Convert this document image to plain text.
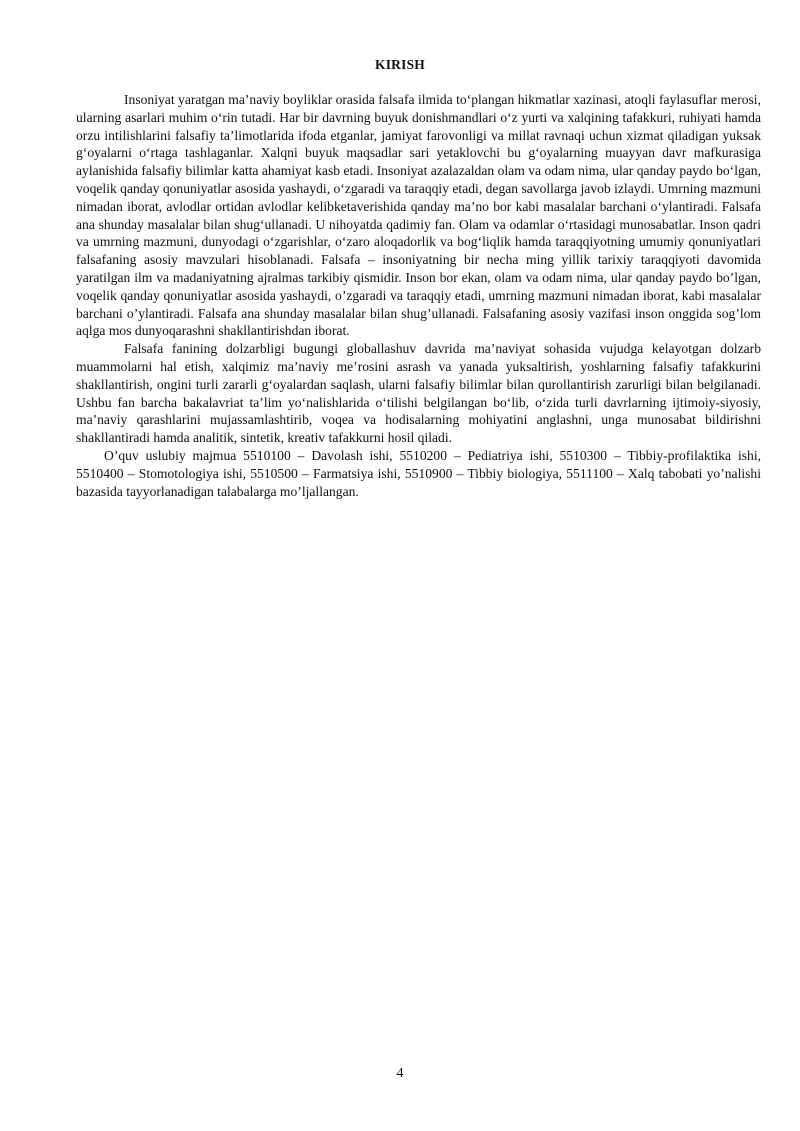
KIRISH

Insoniyat yaratgan ma’naviy boyliklar orasida falsafa ilmida to‘plangan hikmatlar xazinasi, atoqli faylasuflar merosi, ularning asarlari muhim o‘rin tutadi. Har bir davrning buyuk donishmandlari o‘z yurti va xalqining tafakkuri, ruhiyati hamda orzu intilishlarini falsafiy ta’limotlarida ifoda etganlar, jamiyat farovonligi va millat ravnaqi uchun xizmat qiladigan yuksak g‘oyalarni o‘rtaga tashlaganlar. Xalqni buyuk maqsadlar sari yetaklovchi bu g‘oyalarning muayyan davr mafkurasiga aylanishida falsafiy bilimlar katta ahamiyat kasb etadi. Insoniyat azalazaldan olam va odam nima, ular qanday paydo bo‘lgan, voqelik qanday qonuniyatlar asosida yashaydi, o‘zgaradi va taraqqiy etadi, degan savollarga javob izlaydi. Umrning mazmuni nimadan iborat, avlodlar ortidan avlodlar kelibketaverishida qanday ma’no bor kabi masalalar barchani o‘ylantiradi. Falsafa ana shunday masalalar bilan shug‘ullanadi. U nihoyatda qadimiy fan. Olam va odamlar o‘rtasidagi munosabatlar. Inson qadri va umrning mazmuni, dunyodagi o‘zgarishlar, o‘zaro aloqadorlik va bog‘liqlik hamda taraqqiyotning umumiy qonuniyatlari falsafaning asosiy mavzulari hisoblanadi. Falsafa – insoniyatning bir necha ming yillik tarixiy taraqqiyoti davomida yaratilgan ilm va madaniyatning ajralmas tarkibiy qismidir. Inson bor ekan, olam va odam nima, ular qanday paydo bo’lgan, voqelik qanday qonuniyatlar asosida yashaydi, o’zgaradi va taraqqiy etadi, umrning mazmuni nimadan iborat, kabi masalalar barchani o’ylantiradi. Falsafa ana shunday masalalar bilan shug’ullanadi. Falsafaning asosiy vazifasi inson onggida sog’lom aqlga mos dunyoqarashni shakllantirishdan iborat.

Falsafa fanining dolzarbligi bugungi globallashuv davrida ma’naviyat sohasida vujudga kelayotgan dolzarb muammolarni hal etish, xalqimiz ma’naviy me’rosini asrash va yanada yuksaltirish, yoshlarning falsafiy tafakkurini shakllantirish, ongini turli zararli g‘oyalardan saqlash, ularni falsafiy bilimlar bilan qurollantirish zarurligi bilan belgilanadi. Ushbu fan barcha bakalavriat ta’lim yo‘nalishlarida o‘tilishi belgilangan bo‘lib, o‘zida turli davrlarning ijtimoiy-siyosiy, ma’naviy qarashlarini mujassamlashtirib, voqea va hodisalarning mohiyatini anglashni, unga munosabat bildirishni shakllantiradi hamda analitik, sintetik, kreativ tafakkurni hosil qiladi.

O’quv uslubiy majmua 5510100 – Davolash ishi, 5510200 – Pediatriya ishi, 5510300 – Tibbiy-profilaktika ishi, 5510400 – Stomotologiya ishi, 5510500 – Farmatsiya ishi, 5510900 – Tibbiy biologiya, 5511100 – Xalq tabobati yo’nalishi bazasida tayyorlanadigan talabalarga mo’ljallangan.

4
